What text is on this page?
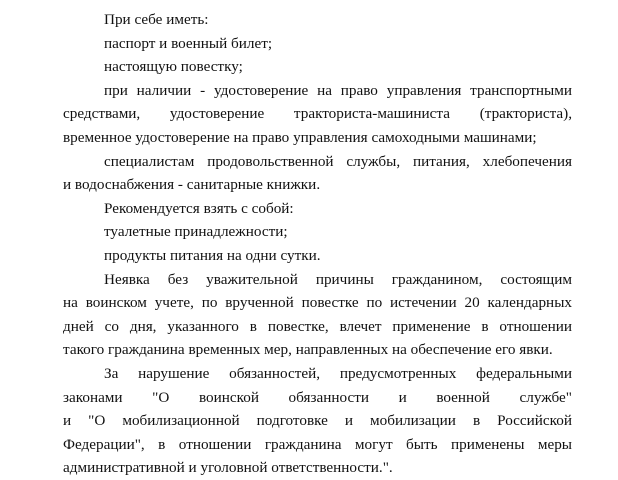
При себе иметь:
паспорт и военный билет;
настоящую повестку;
при наличии - удостоверение на право управления транспортными
средствами, удостоверение тракториста-машиниста (тракториста),
временное удостоверение на право управления самоходными машинами;
специалистам продовольственной службы, питания, хлебопечения
и водоснабжения - санитарные книжки.
Рекомендуется взять с собой:
туалетные принадлежности;
продукты питания на одни сутки.
Неявка без уважительной причины гражданином, состоящим
на воинском учете, по врученной повестке по истечении 20 календарных
дней со дня, указанного в повестке, влечет применение в отношении
такого гражданина временных мер, направленных на обеспечение его явки.
За нарушение обязанностей, предусмотренных федеральными
законами "О воинской обязанности и военной службе"
и "О мобилизационной подготовке и мобилизации в Российской
Федерации", в отношении гражданина могут быть применены меры
административной и уголовной ответственности.".
